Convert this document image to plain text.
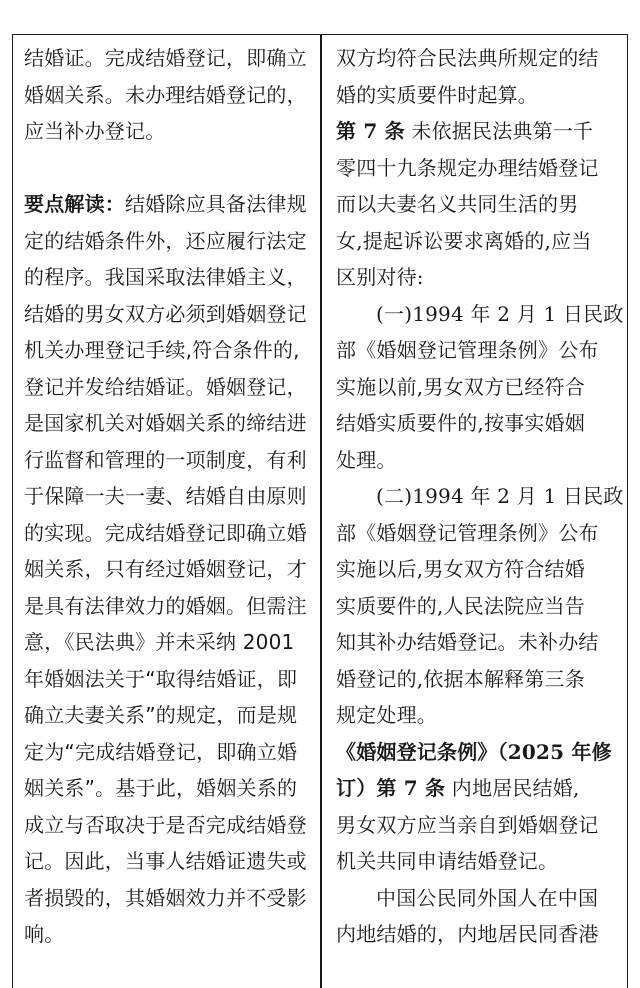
结婚证。完成结婚登记，即确立
婚姻关系。未办理结婚登记的，
应当补办登记。
要点解读：结婚除应具备法律规
定的结婚条件外，还应履行法定
的程序。我国采取法律婚主义，
结婚的男女双方必须到婚姻登记
机关办理登记手续,符合条件的,
登记并发给结婚证。婚姻登记，
是国家机关对婚姻关系的缔结进
行监督和管理的一项制度，有利
于保障一夫一妻、结婚自由原则
的实现。完成结婚登记即确立婚
姻关系，只有经过婚姻登记，才
是具有法律效力的婚姻。但需注
意，《民法典》并未采纳 2001
年婚姻法关于“取得结婚证，即
确立夫妻关系”的规定，而是规
定为“完成结婚登记，即确立婚
姻关系”。基于此，婚姻关系的
成立与否取决于是否完成结婚登
记。因此，当事人结婚证遗失或
者损毁的，其婚姻效力并不受影
响。
双方均符合民法典所规定的结
婚的实质要件时起算。
第 7 条 未依据民法典第一千
零四十九条规定办理结婚登记
而以夫妻名义共同生活的男
女,提起诉讼要求离婚的,应当
区别对待:
(一)1994 年 2 月 1 日民政
部《婚姻登记管理条例》公布
实施以前,男女双方已经符合
结婚实质要件的,按事实婚姻
处理。
(二)1994 年 2 月 1 日民政
部《婚姻登记管理条例》公布
实施以后,男女双方符合结婚
实质要件的,人民法院应当告
知其补办结婚登记。未补办结
婚登记的,依据本解释第三条
规定处理。
《婚姻登记条例》（2025 年修
订）第 7 条 内地居民结婚,
男女双方应当亲自到婚姻登记
机关共同申请结婚登记。
中国公民同外国人在中国
内地结婚的，内地居民同香港
